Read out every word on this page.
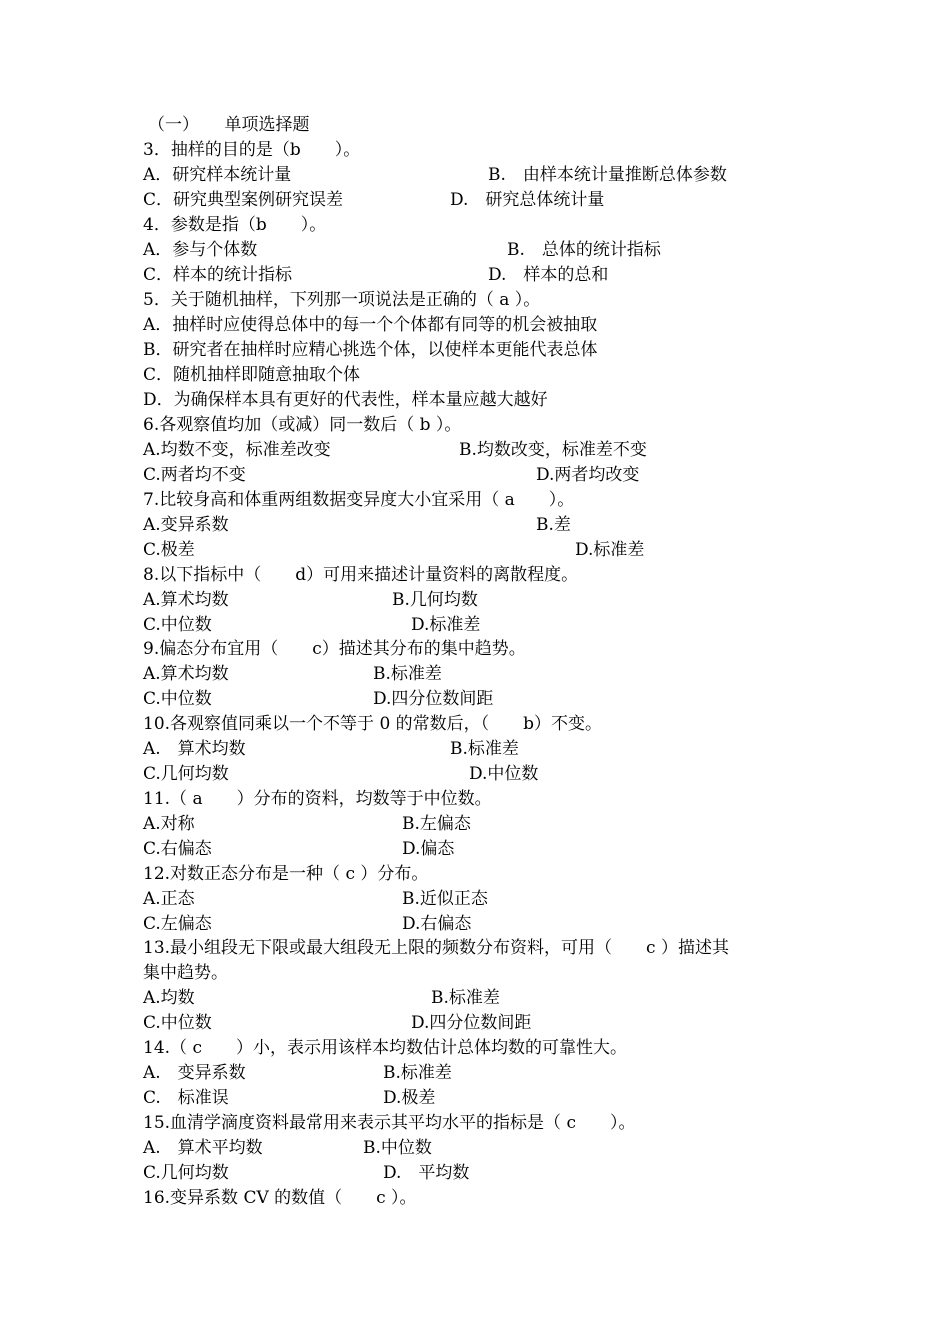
（一）　　单项选择题
3．抽样的目的是（b　　）。
A．研究样本统计量	B.　由样本统计量推断总体参数
C．研究典型案例研究误差	D.　研究总体统计量
4．参数是指（b　　）。
A．参与个体数	B.　总体的统计指标
C．样本的统计指标	D.　样本的总和
5．关于随机抽样，下列那一项说法是正确的（ a ）。
A．抽样时应使得总体中的每一个个体都有同等的机会被抽取
B．研究者在抽样时应精心挑选个体，以使样本更能代表总体
C．随机抽样即随意抽取个体
D．为确保样本具有更好的代表性，样本量应越大越好
6.各观察值均加（或减）同一数后（ b ）。
A.均数不变，标准差改变	B.均数改变，标准差不变
C.两者均不变	D.两者均改变
7.比较身高和体重两组数据变异度大小宜采用（ a　　）。
A.变异系数	B.差
C.极差	D.标准差
8.以下指标中（　　d）可用来描述计量资料的离散程度。
A.算术均数	B.几何均数
C.中位数	D.标准差
9.偏态分布宜用（　　c）描述其分布的集中趋势。
A.算术均数	B.标准差
C.中位数	D.四分位数间距
10.各观察值同乘以一个不等于 0 的常数后，（　　b）不变。
A.　算术均数	B.标准差
C.几何均数	D.中位数
11.（ a　　）分布的资料，均数等于中位数。
A.对称	B.左偏态
C.右偏态	D.偏态
12.对数正态分布是一种（ c ）分布。
A.正态	B.近似正态
C.左偏态	D.右偏态
13.最小组段无下限或最大组段无上限的频数分布资料，可用（　　c ）描述其
集中趋势。
A.均数	B.标准差
C.中位数	D.四分位数间距
14.（ c　　）小，表示用该样本均数估计总体均数的可靠性大。
A.　变异系数	B.标准差
C.　标准误	D.极差
15.血清学滴度资料最常用来表示其平均水平的指标是（ c　　）。
A.　算术平均数	B.中位数
C.几何均数	D.　平均数
16.变异系数 CV 的数值（　　c ）。
